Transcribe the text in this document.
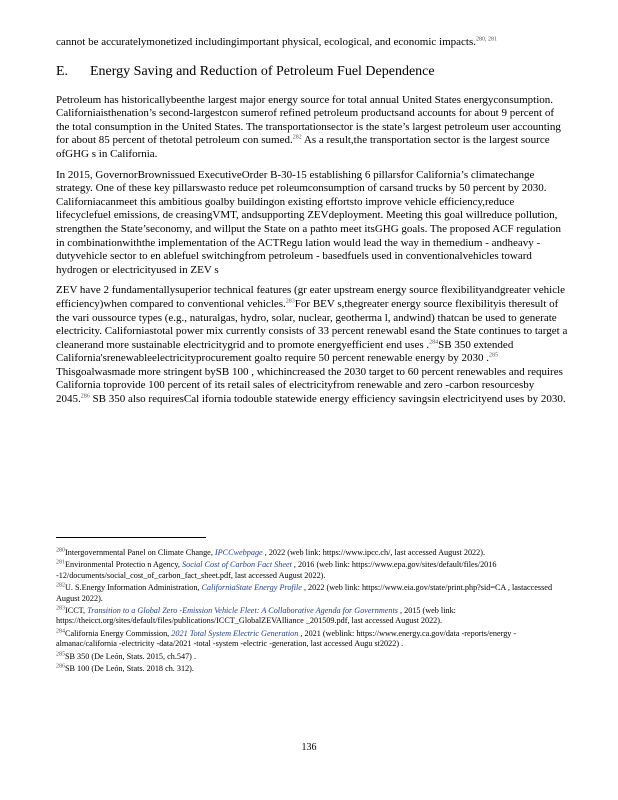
cannot be accuratelymonetized includingimportant physical, ecological, and economic impacts.$^{280, 281}$

E. Energy Saving and Reduction of Petroleum Fuel Dependence

Petroleum has historicallybeenthe largest major energy source for total annual United States energyconsumption. Californiaisthenation’s second-largestcon sumerof refined petroleum productsand accounts for about 9 percent of the total consumption in the United States. The transportationsector is the state’s largest petroleum user accounting for about 85 percent of thetotal petroleum con sumed.$^{282}$ As a result,the transportation sector is the largest source ofGHG s in California.

In 2015, GovernorBrownissued ExecutiveOrder B-30-15 establishing 6 pillarsfor California’s climatechange strategy. One of these key pillarswasto reduce pet roleumconsumption of carsand trucks by 50 percent by 2030. Californiacanmeet this ambitious goalby buildingon existing effortsto improve vehicle efficiency,reduce lifecyclefuel emissions, de creasingVMT, andsupporting ZEVdeployment. Meeting this goal willreduce pollution, strengthen the State’seconomy, and willput the State on a pathto meet itsGHG goals. The proposed ACF regulation in combinationwiththe implementation of the ACTRegu lation would lead the way in themedium - andheavy -dutyvehicle sector to en ablefuel switchingfrom petroleum - basedfuels used in conventionalvehicles toward hydrogen or electricityused in ZEV s

ZEV have 2 fundamentallysuperior technical features (gr eater upstream energy source flexibilityandgreater vehicle efficiency)when compared to conventional vehicles.$^{283}$For BEV s,thegreater energy source flexibilityis theresult of the vari oussource types (e.g., naturalgas, hydro, solar, nuclear, geotherma l, andwind) thatcan be used to generate electricity. Californiastotal power mix currently consists of 33 percent renewabl esand the State continues to target a cleanerand more sustainable electricitygrid and to promote energyefficient end uses .$^{284}$SB 350 extended California'srenewableelectricityprocurement goalto require 50 percent renewable energy by 2030 .$^{285}$ Thisgoalwasmade more stringent bySB 100 , whichincreased the 2030 target to 60 percent renewables and requires California toprovide 100 percent of its retail sales of electricityfrom renewable and zero -carbon resourcesby 2045.$^{286}$ SB 350 also requiresCal ifornia todouble statewide energy efficiency savingsin electricityend uses by 2030.

$^{280}$Intergovernmental Panel on Climate Change, IPCCwebpage , 2022 (web link: https://www.ipcc.ch/, last accessed August 2022).

$^{281}$Environmental Protectio n Agency, Social Cost of Carbon Fact Sheet , 2016 (web link: https://www.epa.gov/sites/default/files/2016 -12/documents/social_cost_of_carbon_fact_sheet.pdf, last accessed August 2022).

$^{282}$U. S.Energy Information Administration, CaliforniaState Energy Profile , 2022 (web link: https://www.eia.gov/state/print.php?sid=CA , lastaccessed August 2022).

$^{283}$ICCT, Transition to a Global Zero -Emission Vehicle Fleet: A Collaborative Agenda for Governments , 2015 (web link: https://theicct.org/sites/default/files/publications/ICCT_GlobalZEVAlliance _201509.pdf, last accessed August 2022).

$^{284}$California Energy Commission, 2021 Total System Electric Generation , 2021 (weblink: https://www.energy.ca.gov/data -reports/energy -almanac/california -electricity -data/2021 -total -system -electric -generation, last accessed Augu st2022) .

$^{285}$SB 350 (De León, Stats. 2015, ch.547) .

$^{286}$SB 100 (De León, Stats. 2018 ch. 312).

136
